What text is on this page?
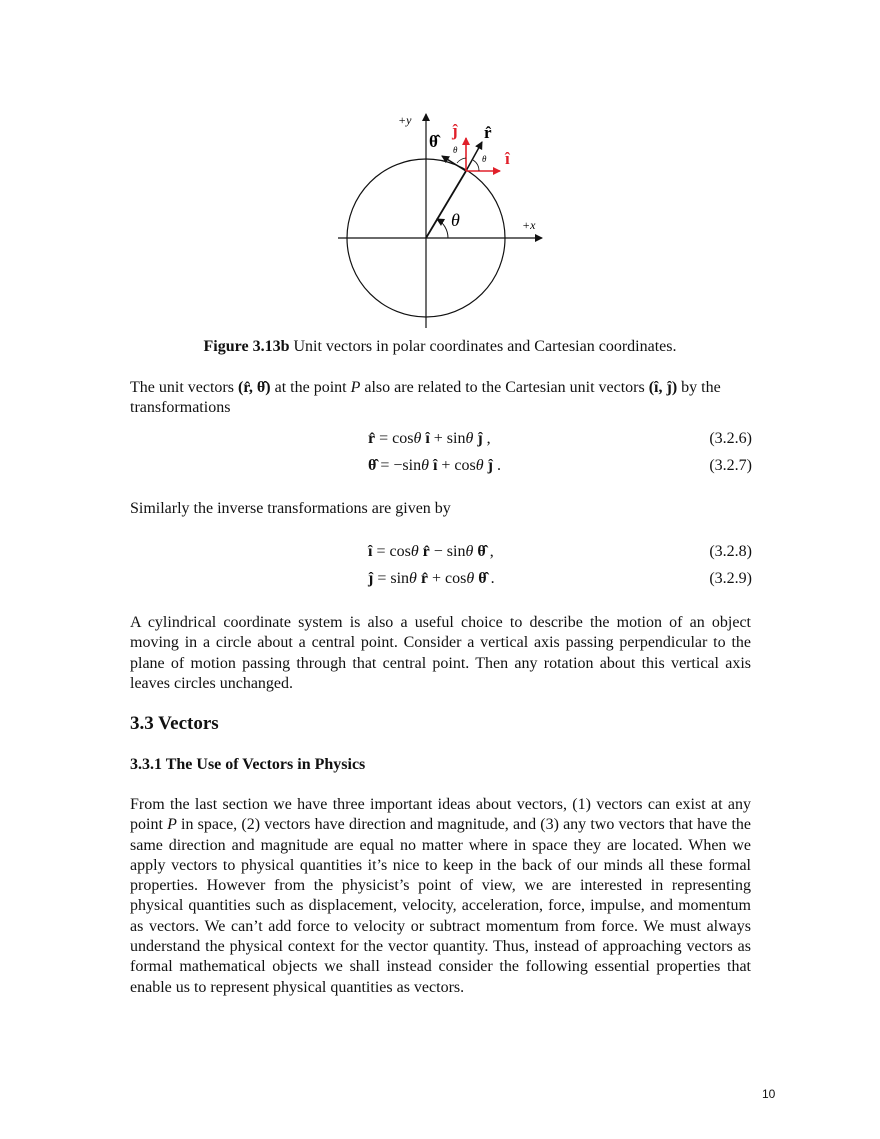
+y
+x
θ̂	r̂
ĵ
î
θ
θ
θ
Figure 3.13b Unit vectors in polar coordinates and Cartesian coordinates.
The unit vectors (r̂, θ̂) at the point P also are related to the Cartesian unit vectors (î, ĵ) by the transformations
r̂ = cosθ î + sinθ ĵ ,	(3.2.6)
θ̂ = −sinθ î + cosθ ĵ .	(3.2.7)
Similarly the inverse transformations are given by
î = cosθ r̂ − sinθ θ̂ ,	(3.2.8)
ĵ = sinθ r̂ + cosθ θ̂ .	(3.2.9)
A cylindrical coordinate system is also a useful choice to describe the motion of an object moving in a circle about a central point. Consider a vertical axis passing perpendicular to the plane of motion passing through that central point. Then any rotation about this vertical axis leaves circles unchanged.
3.3 Vectors
3.3.1 The Use of Vectors in Physics
From the last section we have three important ideas about vectors, (1) vectors can exist at any point P in space, (2) vectors have direction and magnitude, and (3) any two vectors that have the same direction and magnitude are equal no matter where in space they are located. When we apply vectors to physical quantities it’s nice to keep in the back of our minds all these formal properties. However from the physicist’s point of view, we are interested in representing physical quantities such as displacement, velocity, acceleration, force, impulse, and momentum as vectors. We can’t add force to velocity or subtract momentum from force. We must always understand the physical context for the vector quantity. Thus, instead of approaching vectors as formal mathematical objects we shall instead consider the following essential properties that enable us to represent physical quantities as vectors.
10
